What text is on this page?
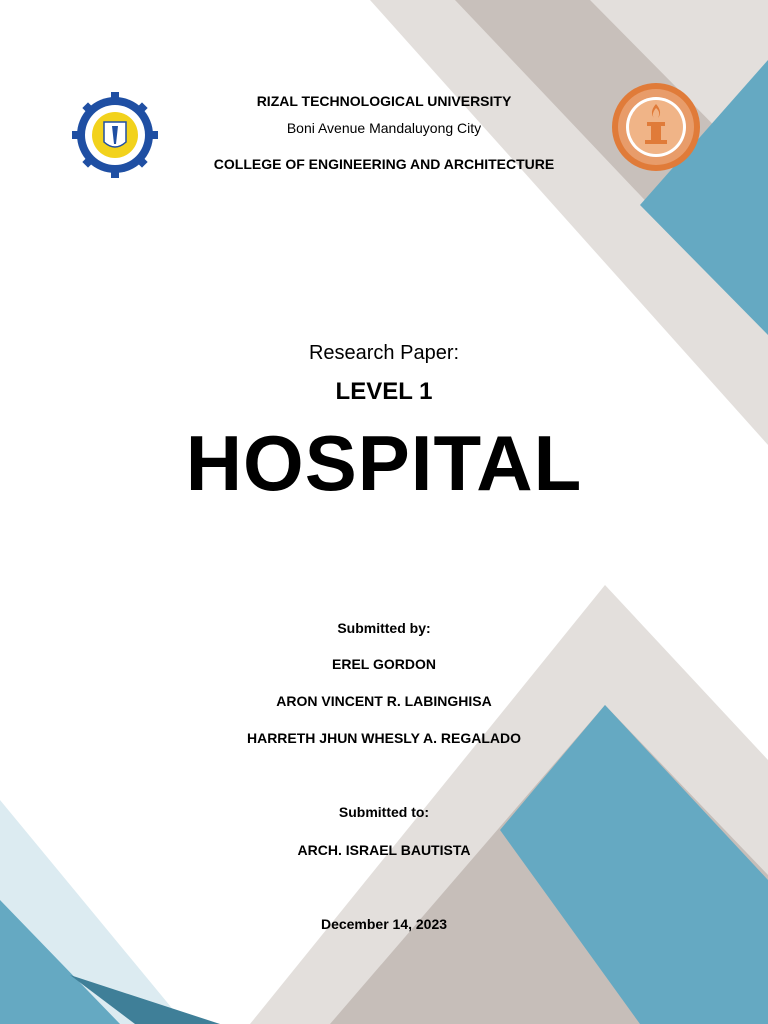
RIZAL TECHNOLOGICAL UNIVERSITY
Boni Avenue Mandaluyong City
COLLEGE OF ENGINEERING AND ARCHITECTURE
Research Paper:
LEVEL 1
HOSPITAL
Submitted by:
EREL GORDON
ARON VINCENT R. LABINGHISA
HARRETH JHUN WHESLY A. REGALADO
Submitted to:
ARCH. ISRAEL BAUTISTA
December 14, 2023
